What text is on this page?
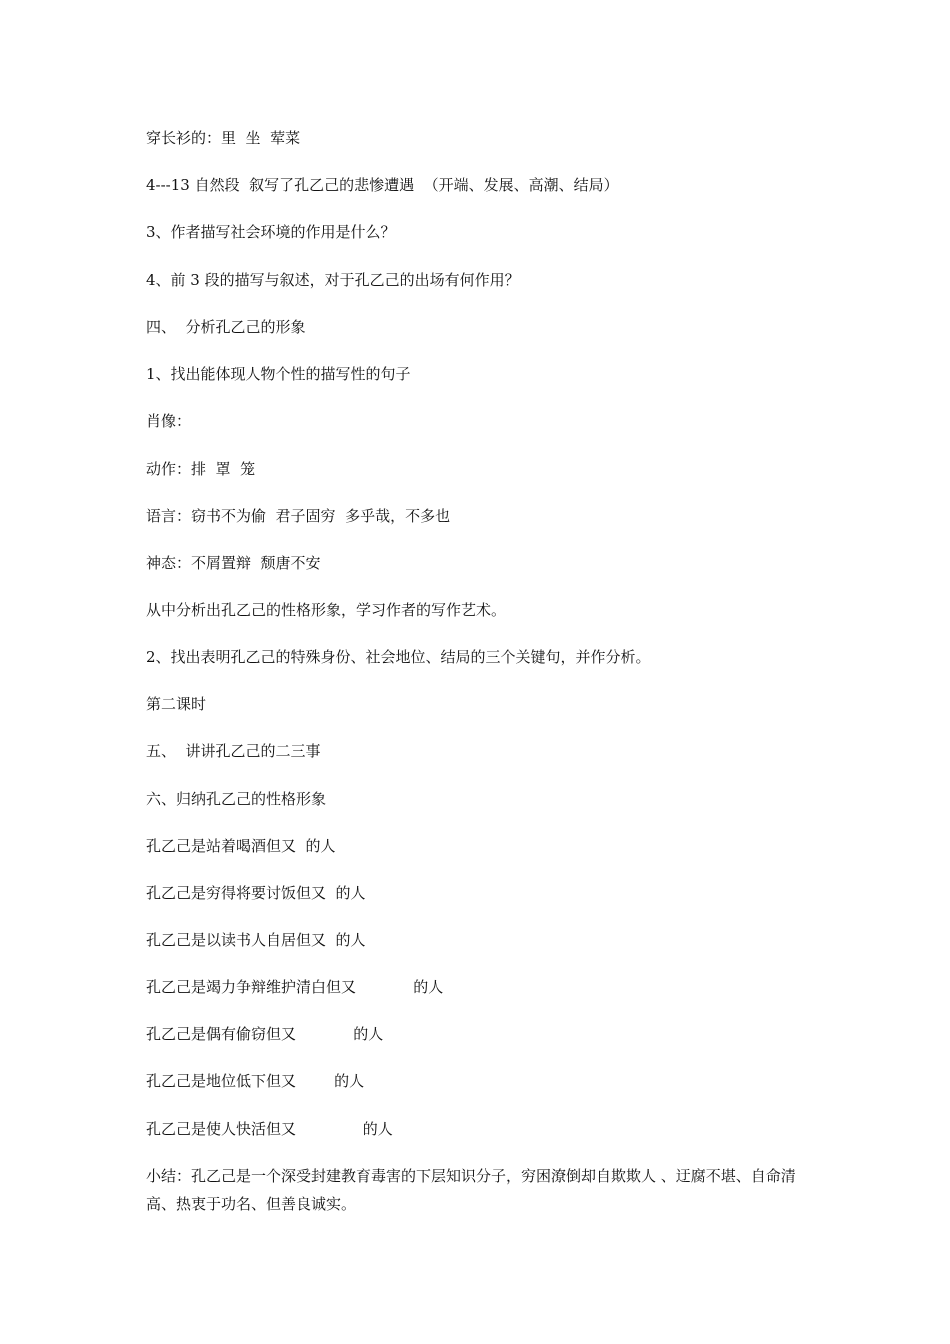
穿长衫的：里  坐  荤菜
4---13 自然段  叙写了孔乙己的悲惨遭遇  （开端、发展、高潮、结局）
3、作者描写社会环境的作用是什么？
4、前 3 段的描写与叙述，对于孔乙己的出场有何作用？
四、  分析孔乙己的形象
1、找出能体现人物个性的描写性的句子
肖像：
动作：排  罩  笼
语言：窃书不为偷  君子固穷  多乎哉，不多也
神态：不屑置辩  颓唐不安
从中分析出孔乙己的性格形象，学习作者的写作艺术。
2、找出表明孔乙己的特殊身份、社会地位、结局的三个关键句，并作分析。
第二课时
五、  讲讲孔乙己的二三事
六、归纳孔乙己的性格形象
孔乙己是站着喝酒但又  的人
孔乙己是穷得将要讨饭但又  的人
孔乙己是以读书人自居但又  的人
孔乙己是竭力争辩维护清白但又            的人
孔乙己是偶有偷窃但又            的人
孔乙己是地位低下但又        的人
孔乙己是使人快活但又              的人
小结：孔乙己是一个深受封建教育毒害的下层知识分子，穷困潦倒却自欺欺人 、迂腐不堪、自命清高、热衷于功名、但善良诚实。
